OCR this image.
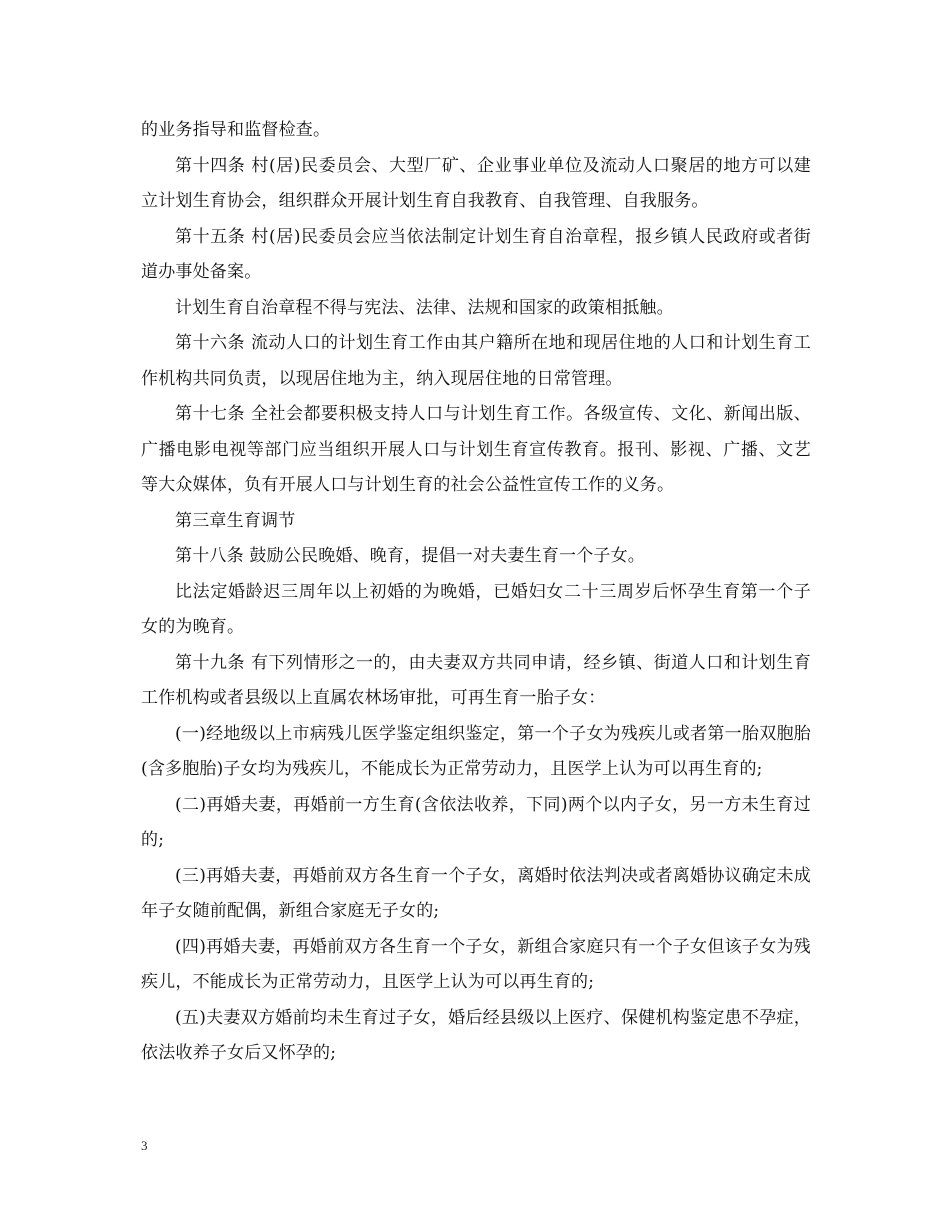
的业务指导和监督检查。

第十四条 村(居)民委员会、大型厂矿、企业事业单位及流动人口聚居的地方可以建立计划生育协会，组织群众开展计划生育自我教育、自我管理、自我服务。

第十五条 村(居)民委员会应当依法制定计划生育自治章程，报乡镇人民政府或者街道办事处备案。

计划生育自治章程不得与宪法、法律、法规和国家的政策相抵触。

第十六条 流动人口的计划生育工作由其户籍所在地和现居住地的人口和计划生育工作机构共同负责，以现居住地为主，纳入现居住地的日常管理。

第十七条 全社会都要积极支持人口与计划生育工作。各级宣传、文化、新闻出版、广播电影电视等部门应当组织开展人口与计划生育宣传教育。报刊、影视、广播、文艺等大众媒体，负有开展人口与计划生育的社会公益性宣传工作的义务。

第三章生育调节

第十八条 鼓励公民晚婚、晚育，提倡一对夫妻生育一个子女。

比法定婚龄迟三周年以上初婚的为晚婚，已婚妇女二十三周岁后怀孕生育第一个子女的为晚育。

第十九条 有下列情形之一的，由夫妻双方共同申请，经乡镇、街道人口和计划生育工作机构或者县级以上直属农林场审批，可再生育一胎子女：

(一)经地级以上市病残儿医学鉴定组织鉴定，第一个子女为残疾儿或者第一胎双胞胎(含多胞胎)子女均为残疾儿，不能成长为正常劳动力，且医学上认为可以再生育的;

(二)再婚夫妻，再婚前一方生育(含依法收养，下同)两个以内子女，另一方未生育过的;

(三)再婚夫妻，再婚前双方各生育一个子女，离婚时依法判决或者离婚协议确定未成年子女随前配偶，新组合家庭无子女的;

(四)再婚夫妻，再婚前双方各生育一个子女，新组合家庭只有一个子女但该子女为残疾儿，不能成长为正常劳动力，且医学上认为可以再生育的;

(五)夫妻双方婚前均未生育过子女，婚后经县级以上医疗、保健机构鉴定患不孕症，依法收养子女后又怀孕的;

3
